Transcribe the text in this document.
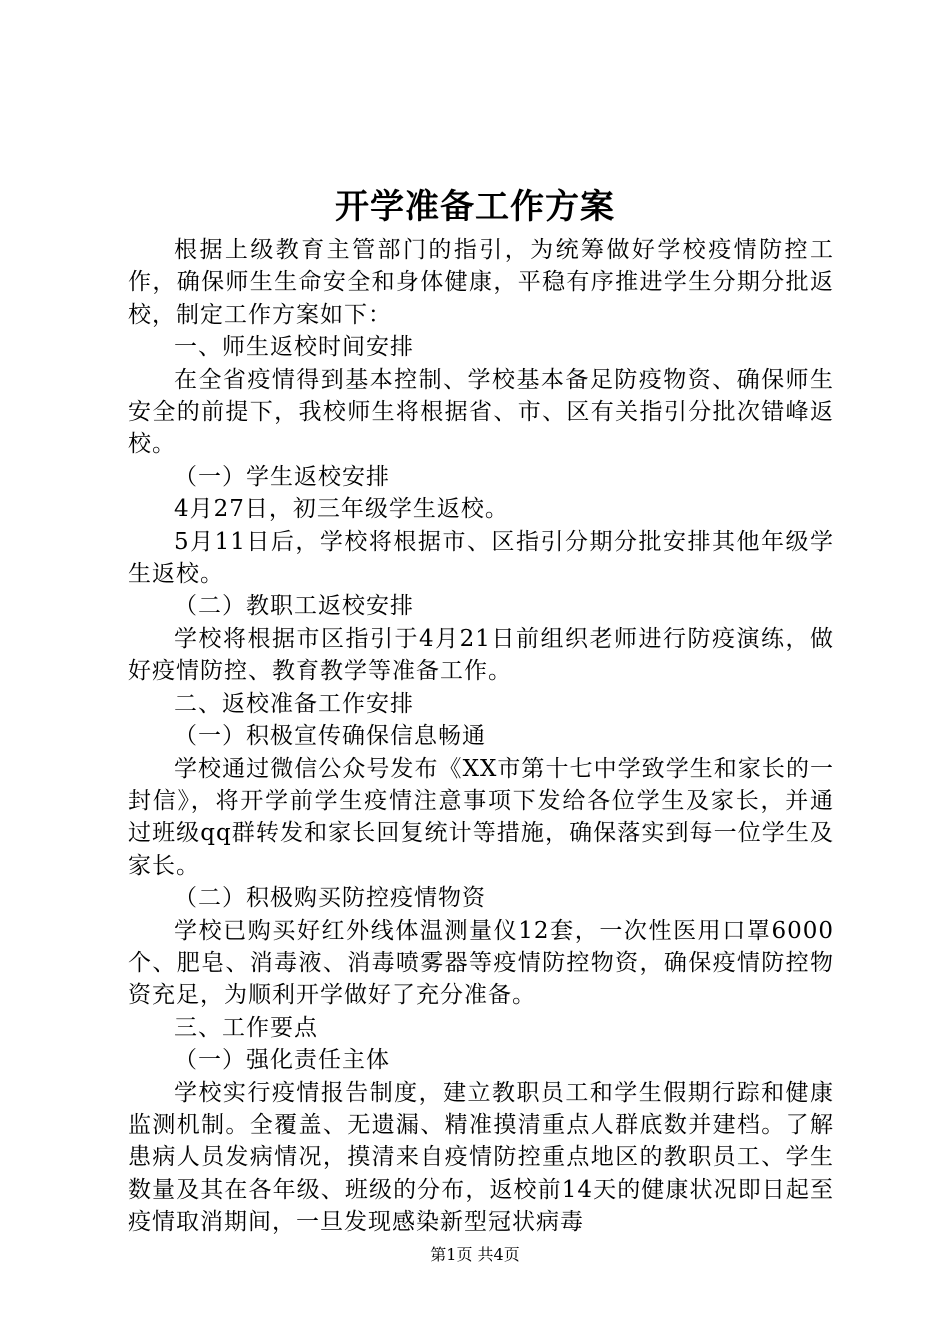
开学准备工作方案

根据上级教育主管部门的指引，为统筹做好学校疫情防控工作，确保师生生命安全和身体健康，平稳有序推进学生分期分批返校，制定工作方案如下：

一、师生返校时间安排

在全省疫情得到基本控制、学校基本备足防疫物资、确保师生安全的前提下，我校师生将根据省、市、区有关指引分批次错峰返校。

（一）学生返校安排

4月27日，初三年级学生返校。

5月11日后，学校将根据市、区指引分期分批安排其他年级学生返校。

（二）教职工返校安排

学校将根据市区指引于4月21日前组织老师进行防疫演练，做好疫情防控、教育教学等准备工作。

二、返校准备工作安排

（一）积极宣传确保信息畅通

学校通过微信公众号发布《XX市第十七中学致学生和家长的一封信》，将开学前学生疫情注意事项下发给各位学生及家长，并通过班级qq群转发和家长回复统计等措施，确保落实到每一位学生及家长。

（二）积极购买防控疫情物资

学校已购买好红外线体温测量仪12套，一次性医用口罩6000个、肥皂、消毒液、消毒喷雾器等疫情防控物资，确保疫情防控物资充足，为顺利开学做好了充分准备。

三、工作要点

（一）强化责任主体

学校实行疫情报告制度，建立教职员工和学生假期行踪和健康监测机制。全覆盖、无遗漏、精准摸清重点人群底数并建档。了解患病人员发病情况，摸清来自疫情防控重点地区的教职员工、学生数量及其在各年级、班级的分布，返校前14天的健康状况即日起至疫情取消期间，一旦发现感染新型冠状病毒

第1页 共4页
